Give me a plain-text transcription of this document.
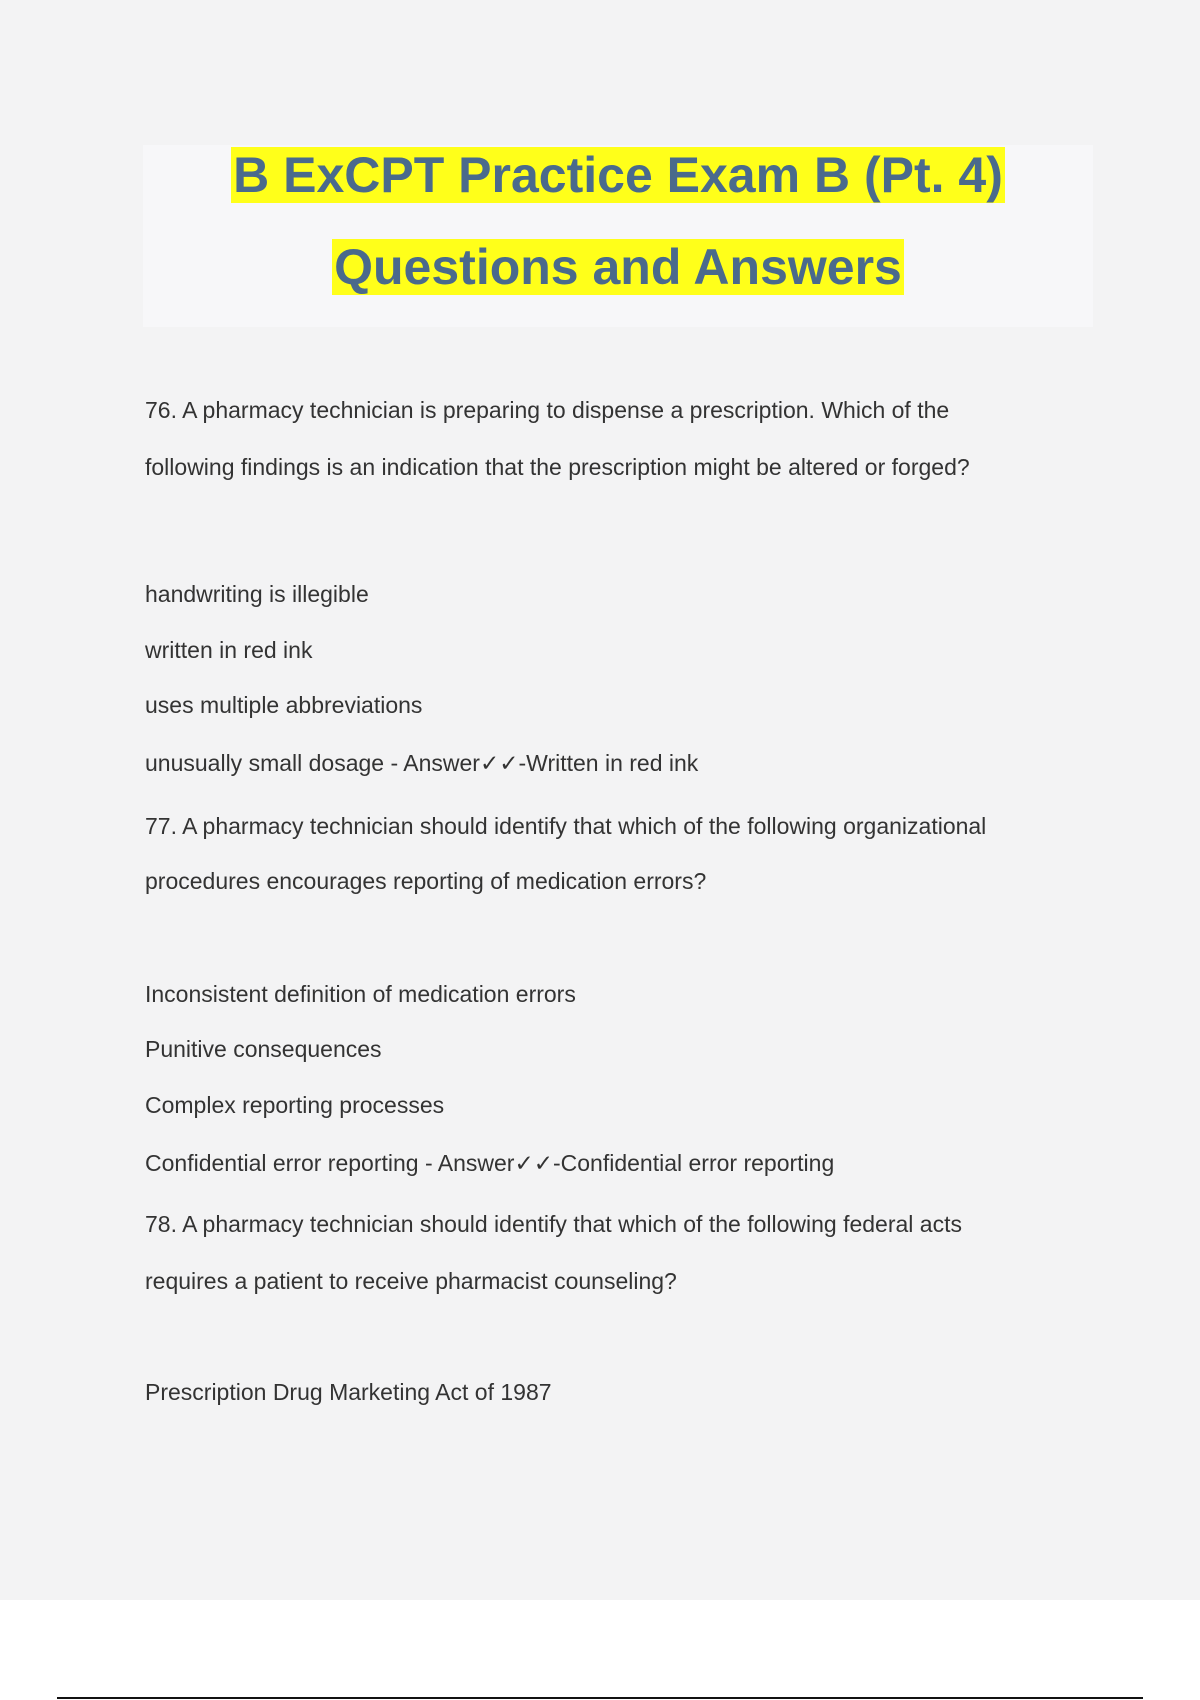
B ExCPT Practice Exam B (Pt. 4)
Questions and Answers
76. A pharmacy technician is preparing to dispense a prescription. Which of the
following findings is an indication that the prescription might be altered or forged?
handwriting is illegible
written in red ink
uses multiple abbreviations
unusually small dosage - Answer✓✓-Written in red ink
77. A pharmacy technician should identify that which of the following organizational
procedures encourages reporting of medication errors?
Inconsistent definition of medication errors
Punitive consequences
Complex reporting processes
Confidential error reporting - Answer✓✓-Confidential error reporting
78. A pharmacy technician should identify that which of the following federal acts
requires a patient to receive pharmacist counseling?
Prescription Drug Marketing Act of 1987
